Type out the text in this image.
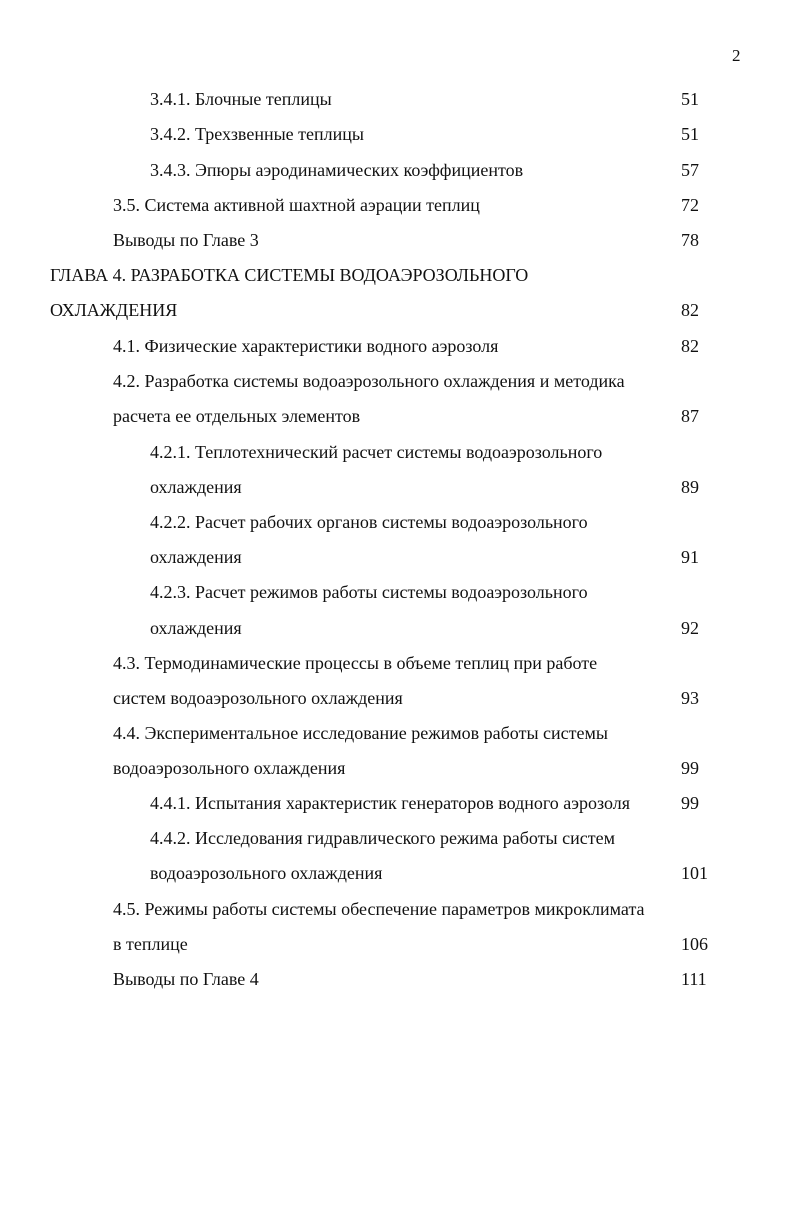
2
3.4.1. Блочные теплицы	51
3.4.2. Трехзвенные теплицы	51
3.4.3. Эпюры аэродинамических коэффициентов	57
3.5. Система активной шахтной аэрации теплиц	72
Выводы по Главе 3	78
ГЛАВА 4. РАЗРАБОТКА СИСТЕМЫ ВОДОАЭРОЗОЛЬНОГО
ОХЛАЖДЕНИЯ	82
4.1. Физические характеристики водного аэрозоля	82
4.2. Разработка системы водоаэрозольного охлаждения и методика
расчета ее отдельных элементов	87
4.2.1. Теплотехнический расчет системы водоаэрозольного
охлаждения	89
4.2.2. Расчет рабочих органов системы водоаэрозольного
охлаждения	91
4.2.3. Расчет режимов работы системы водоаэрозольного
охлаждения	92
4.3. Термодинамические процессы в объеме теплиц при работе
систем водоаэрозольного охлаждения	93
4.4. Экспериментальное исследование режимов работы системы
водоаэрозольного охлаждения	99
4.4.1. Испытания характеристик генераторов водного аэрозоля	99
4.4.2. Исследования гидравлического режима работы систем
водоаэрозольного охлаждения	101
4.5. Режимы работы системы обеспечение параметров микроклимата
в теплице	106
Выводы по Главе 4	111
